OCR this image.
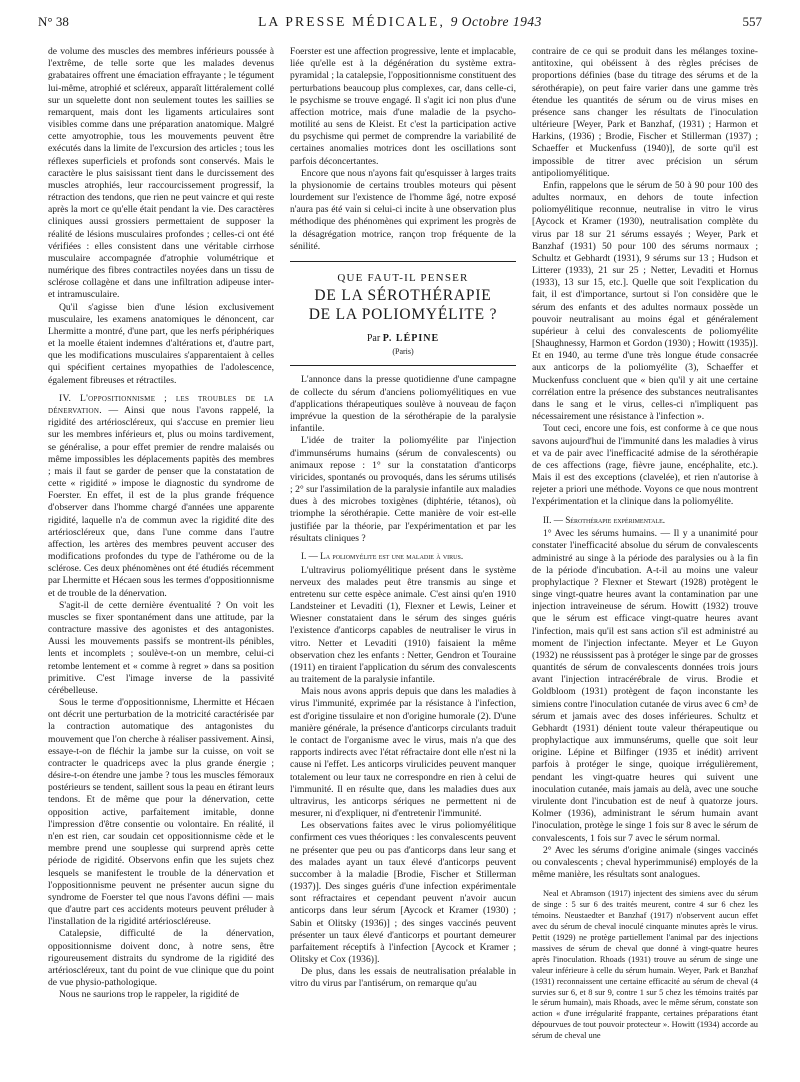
N° 38	LA PRESSE MÉDICALE, 9 Octobre 1943	557

de volume des muscles des membres inférieurs poussée à l'extrême, de telle sorte que les malades devenus grabataires offrent une émaciation effrayante ; le tégument lui-même, atrophié et scléreux, apparaît littéralement collé sur un squelette dont non seulement toutes les saillies se remarquent, mais dont les ligaments articulaires sont visibles comme dans une préparation anatomique. Malgré cette amyotrophie, tous les mouvements peuvent être exécutés dans la limite de l'excursion des articles ; tous les réflexes superficiels et profonds sont conservés. Mais le caractère le plus saisissant tient dans le durcissement des muscles atrophiés, leur raccourcissement progressif, la rétraction des tendons, que rien ne peut vaincre et qui reste après la mort ce qu'elle était pendant la vie. Des caractères cliniques aussi grossiers permettaient de supposer la réalité de lésions musculaires profondes ; celles-ci ont été vérifiées : elles consistent dans une véritable cirrhose musculaire accompagnée d'atrophie volumétrique et numérique des fibres contractiles noyées dans un tissu de sclérose collagène et dans une infiltration adipeuse inter- et intramusculaire.

Qu'il s'agisse bien d'une lésion exclusivement musculaire, les examens anatomiques le dénoncent, car Lhermitte a montré, d'une part, que les nerfs périphériques et la moelle étaient indemnes d'altérations et, d'autre part, que les modifications musculaires s'apparentaient à celles qui spécifient certaines myopathies de l'adolescence, également fibreuses et rétractiles.

IV. L'oppositionnisme ; les troubles de la dénervation. — Ainsi que nous l'avons rappelé, la rigidité des artérioscléreux, qui s'accuse en premier lieu sur les membres inférieurs et, plus ou moins tardivement, se généralise, a pour effet premier de rendre malaisés ou même impossibles les déplacements papitès des membres ; mais il faut se garder de penser que la constatation de cette « rigidité » impose le diagnostic du syndrome de Foerster. En effet, il est de la plus grande fréquence d'observer dans l'homme chargé d'années une apparente rigidité, laquelle n'a de commun avec la rigidité dite des artérioscléreux que, dans l'une comme dans l'autre affection, les artères des membres peuvent accuser des modifications profondes du type de l'athérome ou de la sclérose. Ces deux phénomènes ont été étudiés récemment par Lhermitte et Hécaen sous les termes d'oppositionnisme et de trouble de la dénervation.

S'agit-il de cette dernière éventualité ? On voit les muscles se fixer spontanément dans une attitude, par la contracture massive des agonistes et des antagonistes. Aussi les mouvements passifs se montrent-ils pénibles, lents et incomplets ; soulève-t-on un membre, celui-ci retombe lentement et « comme à regret » dans sa position primitive. C'est l'image inverse de la passivité cérébelleuse.

Sous le terme d'oppositionnisme, Lhermitte et Hécaen ont décrit une perturbation de la motricité caractérisée par la contraction automatique des antagonistes du mouvement que l'on cherche à réaliser passivement. Ainsi, essaye-t-on de fléchir la jambe sur la cuisse, on voit se contracter le quadriceps avec la plus grande énergie ; désire-t-on étendre une jambe ? tous les muscles fémoraux postérieurs se tendent, saillent sous la peau en étirant leurs tendons. Et de même que pour la dénervation, cette opposition active, parfaitement imitable, donne l'impression d'être consentie ou volontaire. En réalité, il n'en est rien, car soudain cet oppositionnisme cède et le membre prend une souplesse qui surprend après cette période de rigidité. Observons enfin que les sujets chez lesquels se manifestent le trouble de la dénervation et l'oppositionnisme peuvent ne présenter aucun signe du syndrome de Foerster tel que nous l'avons défini — mais que d'autre part ces accidents moteurs peuvent préluder à l'installation de la rigidité artérioscléreuse.

Catalepsie, difficulté de la dénervation, oppositionnisme doivent donc, à notre sens, être rigoureusement distraits du syndrome de la rigidité des artérioscléreux, tant du point de vue clinique que du point de vue physio-pathologique.

Nous ne saurions trop le rappeler, la rigidité de

Foerster est une affection progressive, lente et implacable, liée qu'elle est à la dégénération du système extra-pyramidal ; la catalepsie, l'oppositionnisme constituent des perturbations beaucoup plus complexes, car, dans celle-ci, le psychisme se trouve engagé. Il s'agit ici non plus d'une affection motrice, mais d'une maladie de la psycho-motilité au sens de Kleist. Et c'est la participation active du psychisme qui permet de comprendre la variabilité de certaines anomalies motrices dont les oscillations sont parfois déconcertantes.

Encore que nous n'ayons fait qu'esquisser à larges traits la physionomie de certains troubles moteurs qui pèsent lourdement sur l'existence de l'homme âgé, notre exposé n'aura pas été vain si celui-ci incite à une observation plus méthodique des phénomènes qui expriment les progrès de la désagrégation motrice, rançon trop fréquente de la sénilité.

QUE FAUT-IL PENSER
DE LA SÉROTHÉRAPIE
DE LA POLIOMYÉLITE ?
Par P. LÉPINE
(Paris)

L'annonce dans la presse quotidienne d'une campagne de collecte du sérum d'anciens poliomyélitiques en vue d'applications thérapeutiques soulève à nouveau de façon imprévue la question de la sérothérapie de la paralysie infantile.

L'idée de traiter la poliomyélite par l'injection d'immunsérums humains (sérum de convalescents) ou animaux repose : 1° sur la constatation d'anticorps viricides, spontanés ou provoqués, dans les sérums utilisés ; 2° sur l'assimilation de la paralysie infantile aux maladies dues à des microbes toxigènes (diphtérie, tétanos), où triomphe la sérothérapie. Cette manière de voir est-elle justifiée par la théorie, par l'expérimentation et par les résultats cliniques ?

I. — La poliomyélite est une maladie à virus.

L'ultravirus poliomyélitique présent dans le système nerveux des malades peut être transmis au singe et entretenu sur cette espèce animale. C'est ainsi qu'en 1910 Landsteiner et Levaditi (1), Flexner et Lewis, Leiner et Wiesner constataient dans le sérum des singes guéris l'existence d'anticorps capables de neutraliser le virus in vitro. Netter et Levaditi (1910) faisaient la même observation chez les enfants : Netter, Gendron et Touraine (1911) en tiraient l'application du sérum des convalescents au traitement de la paralysie infantile.

Mais nous avons appris depuis que dans les maladies à virus l'immunité, exprimée par la résistance à l'infection, est d'origine tissulaire et non d'origine humorale (2). D'une manière générale, la présence d'anticorps circulants traduit le contact de l'organisme avec le virus, mais n'a que des rapports indirects avec l'état réfractaire dont elle n'est ni la cause ni l'effet. Les anticorps virulicides peuvent manquer totalement ou leur taux ne correspondre en rien à celui de l'immunité. Il en résulte que, dans les maladies dues aux ultravirus, les anticorps sériques ne permettent ni de mesurer, ni d'expliquer, ni d'entretenir l'immunité.

Les observations faites avec le virus poliomyélitique confirment ces vues théoriques : les convalescents peuvent ne présenter que peu ou pas d'anticorps dans leur sang et des malades ayant un taux élevé d'anticorps peuvent succomber à la maladie [Brodie, Fischer et Stillerman (1937)]. Des singes guéris d'une infection expérimentale sont réfractaires et cependant peuvent n'avoir aucun anticorps dans leur sérum [Aycock et Kramer (1930) ; Sabin et Olitsky (1936)] ; des singes vaccinés peuvent présenter un taux élevé d'anticorps et pourtant demeurer parfaitement réceptifs à l'infection [Aycock et Kramer ; Olitsky et Cox (1936)].

De plus, dans les essais de neutralisation préalable in vitro du virus par l'antisérum, on remarque qu'au

contraire de ce qui se produit dans les mélanges toxine-antitoxine, qui obéissent à des règles précises de proportions définies (base du titrage des sérums et de la sérothérapie), on peut faire varier dans une gamme très étendue les quantités de sérum ou de virus mises en présence sans changer les résultats de l'inoculation ultérieure [Weyer, Park et Banzhaf, (1931) ; Harmon et Harkins, (1936) ; Brodie, Fischer et Stillerman (1937) ; Schaeffer et Muckenfuss (1940)], de sorte qu'il est impossible de titrer avec précision un sérum antipoliomyélitique.

Enfin, rappelons que le sérum de 50 à 90 pour 100 des adultes normaux, en dehors de toute infection poliomyélitique reconnue, neutralise in vitro le virus [Aycock et Kramer (1930), neutralisation complète du virus par 18 sur 21 sérums essayés ; Weyer, Park et Banzhaf (1931) 50 pour 100 des sérums normaux ; Schultz et Gebhardt (1931), 9 sérums sur 13 ; Hudson et Litterer (1933), 21 sur 25 ; Netter, Levaditi et Hornus (1933), 13 sur 15, etc.]. Quelle que soit l'explication du fait, il est d'importance, surtout si l'on considère que le sérum des enfants et des adultes normaux possède un pouvoir neutralisant au moins égal et généralement supérieur à celui des convalescents de poliomyélite [Shaughnessy, Harmon et Gordon (1930) ; Howitt (1935)]. Et en 1940, au terme d'une très longue étude consacrée aux anticorps de la poliomyélite (3), Schaeffer et Muckenfuss concluent que « bien qu'il y ait une certaine corrélation entre la présence des substances neutralisantes dans le sang et le virus, celles-ci n'impliquent pas nécessairement une résistance à l'infection ».

Tout ceci, encore une fois, est conforme à ce que nous savons aujourd'hui de l'immunité dans les maladies à virus et va de pair avec l'inefficacité admise de la sérothérapie de ces affections (rage, fièvre jaune, encéphalite, etc.). Mais il est des exceptions (clavelée), et rien n'autorise à rejeter a priori une méthode. Voyons ce que nous montrent l'expérimentation et la clinique dans la poliomyélite.

II. — Sérothérapie expérimentale.

1° Avec les sérums humains. — Il y a unanimité pour constater l'inefficacité absolue du sérum de convalescents administré au singe à la période des paralysies ou à la fin de la période d'incubation. A-t-il au moins une valeur prophylactique ? Flexner et Stewart (1928) protègent le singe vingt-quatre heures avant la contamination par une injection intraveineuse de sérum. Howitt (1932) trouve que le sérum est efficace vingt-quatre heures avant l'infection, mais qu'il est sans action s'il est administré au moment de l'injection infectante. Meyer et Le Guyon (1932) ne réussissent pas à protéger le singe par de grosses quantités de sérum de convalescents données trois jours avant l'injection intracérébrale de virus. Brodie et Goldbloom (1931) protègent de façon inconstante les simiens contre l'inoculation cutanée de virus avec 6 cm³ de sérum et jamais avec des doses inférieures. Schultz et Gebhardt (1931) dénient toute valeur thérapeutique ou prophylactique aux immunsérums, quelle que soit leur origine. Lépine et Bilfinger (1935 et inédit) arrivent parfois à protéger le singe, quoique irrégulièrement, pendant les vingt-quatre heures qui suivent une inoculation cutanée, mais jamais au delà, avec une souche virulente dont l'incubation est de neuf à quatorze jours. Kolmer (1936), administrant le sérum humain avant l'inoculation, protège le singe 1 fois sur 8 avec le sérum de convalescents, 1 fois sur 7 avec le sérum normal.

2° Avec les sérums d'origine animale (singes vaccinés ou convalescents ; cheval hyperimmunisé) employés de la même manière, les résultats sont analogues.

Neal et Abramson (1917) injectent des simiens avec du sérum de singe : 5 sur 6 des traités meurent, contre 4 sur 6 chez les témoins. Neustaedter et Banzhaf (1917) n'observent aucun effet avec du sérum de cheval inoculé cinquante minutes après le virus. Pettit (1929) ne protège partiellement l'animal par des injections massives de sérum de cheval que donné à vingt-quatre heures après l'inoculation. Rhoads (1931) trouve au sérum de singe une valeur inférieure à celle du sérum humain. Weyer, Park et Banzhaf (1931) reconnaissent une certaine efficacité au sérum de cheval (4 survies sur 6, et 8 sur 9, contre 1 sur 5 chez les témoins traités par le sérum humain), mais Rhoads, avec le même sérum, constate son action « d'une irrégularité frappante, certaines préparations étant dépourvues de tout pouvoir protecteur ». Howitt (1934) accorde au sérum de cheval une
